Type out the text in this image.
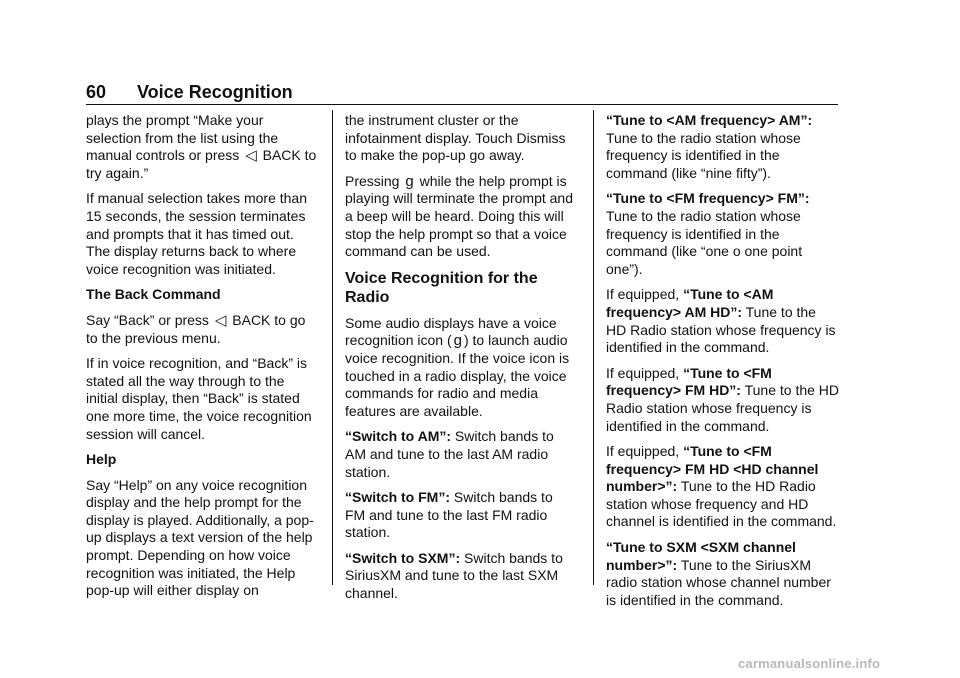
60 Voice Recognition

plays the prompt “Make your selection from the list using the manual controls or press ◁ BACK to try again.”

If manual selection takes more than 15 seconds, the session terminates and prompts that it has timed out. The display returns back to where voice recognition was initiated.

The Back Command

Say “Back” or press ◁ BACK to go to the previous menu.

If in voice recognition, and “Back” is stated all the way through to the initial display, then “Back” is stated one more time, the voice recognition session will cancel.

Help

Say “Help” on any voice recognition display and the help prompt for the display is played. Additionally, a pop-up displays a text version of the help prompt. Depending on how voice recognition was initiated, the Help pop-up will either display on

the instrument cluster or the infotainment display. Touch Dismiss to make the pop-up go away.

Pressing ɡ while the help prompt is playing will terminate the prompt and a beep will be heard. Doing this will stop the help prompt so that a voice command can be used.

Voice Recognition for the Radio

Some audio displays have a voice recognition icon ( ɡ ) to launch audio voice recognition. If the voice icon is touched in a radio display, the voice commands for radio and media features are available.

“Switch to AM”: Switch bands to AM and tune to the last AM radio station.

“Switch to FM”: Switch bands to FM and tune to the last FM radio station.

“Switch to SXM”: Switch bands to SiriusXM and tune to the last SXM channel.

“Tune to <AM frequency> AM”: Tune to the radio station whose frequency is identified in the command (like “nine fifty”).

“Tune to <FM frequency> FM”: Tune to the radio station whose frequency is identified in the command (like “one o one point one”).

If equipped, “Tune to <AM frequency> AM HD”: Tune to the HD Radio station whose frequency is identified in the command.

If equipped, “Tune to <FM frequency> FM HD”: Tune to the HD Radio station whose frequency is identified in the command.

If equipped, “Tune to <FM frequency> FM HD <HD channel number>”: Tune to the HD Radio station whose frequency and HD channel is identified in the command.

“Tune to SXM <SXM channel number>”: Tune to the SiriusXM radio station whose channel number is identified in the command.

carmanualsonline.info
